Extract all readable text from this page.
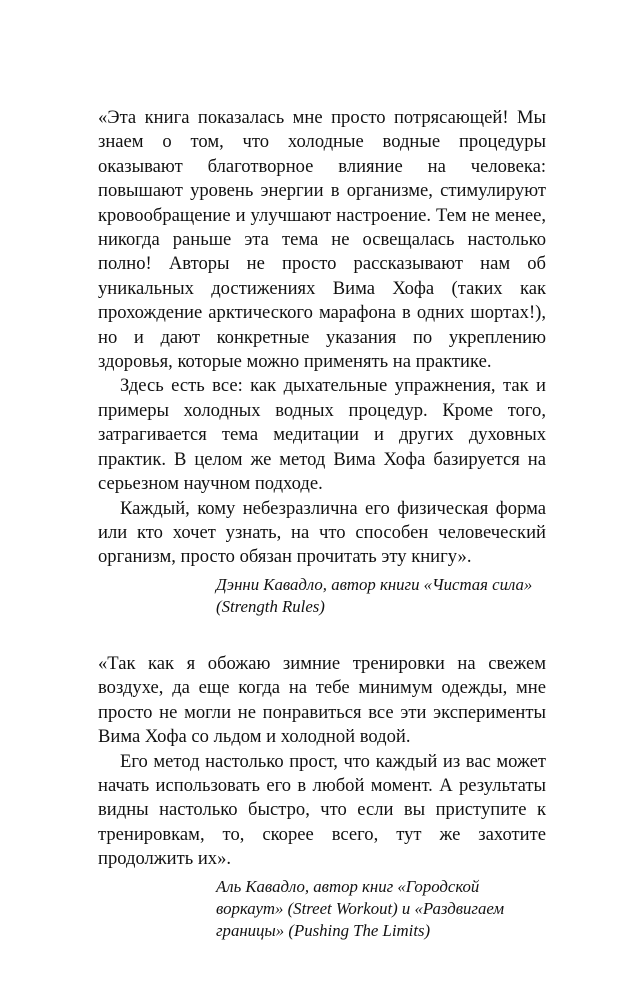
«Эта книга показалась мне просто потрясающей! Мы знаем о том, что холодные водные процедуры оказывают благотворное влияние на человека: повышают уровень энергии в организме, стимулируют кровообращение и улучшают настроение. Тем не менее, никогда раньше эта тема не освещалась настолько полно! Авторы не просто рассказывают нам об уникальных достижениях Вима Хофа (таких как прохождение арктического марафона в одних шортах!), но и дают конкретные указания по укреплению здоровья, которые можно применять на практике.

Здесь есть все: как дыхательные упражнения, так и примеры холодных водных процедур. Кроме того, затрагивается тема медитации и других духовных практик. В целом же метод Вима Хофа базируется на серьезном научном подходе.

Каждый, кому небезразлична его физическая форма или кто хочет узнать, на что способен человеческий организм, просто обязан прочитать эту книгу».

Дэнни Кавадло, автор книги «Чистая сила» (Strength Rules)

«Так как я обожаю зимние тренировки на свежем воздухе, да еще когда на тебе минимум одежды, мне просто не могли не понравиться все эти эксперименты Вима Хофа со льдом и холодной водой.

Его метод настолько прост, что каждый из вас может начать использовать его в любой момент. А результаты видны настолько быстро, что если вы приступите к тренировкам, то, скорее всего, тут же захотите продолжить их».

Аль Кавадло, автор книг «Городской воркаут» (Street Workout) и «Раздвигаем границы» (Pushing The Limits)
